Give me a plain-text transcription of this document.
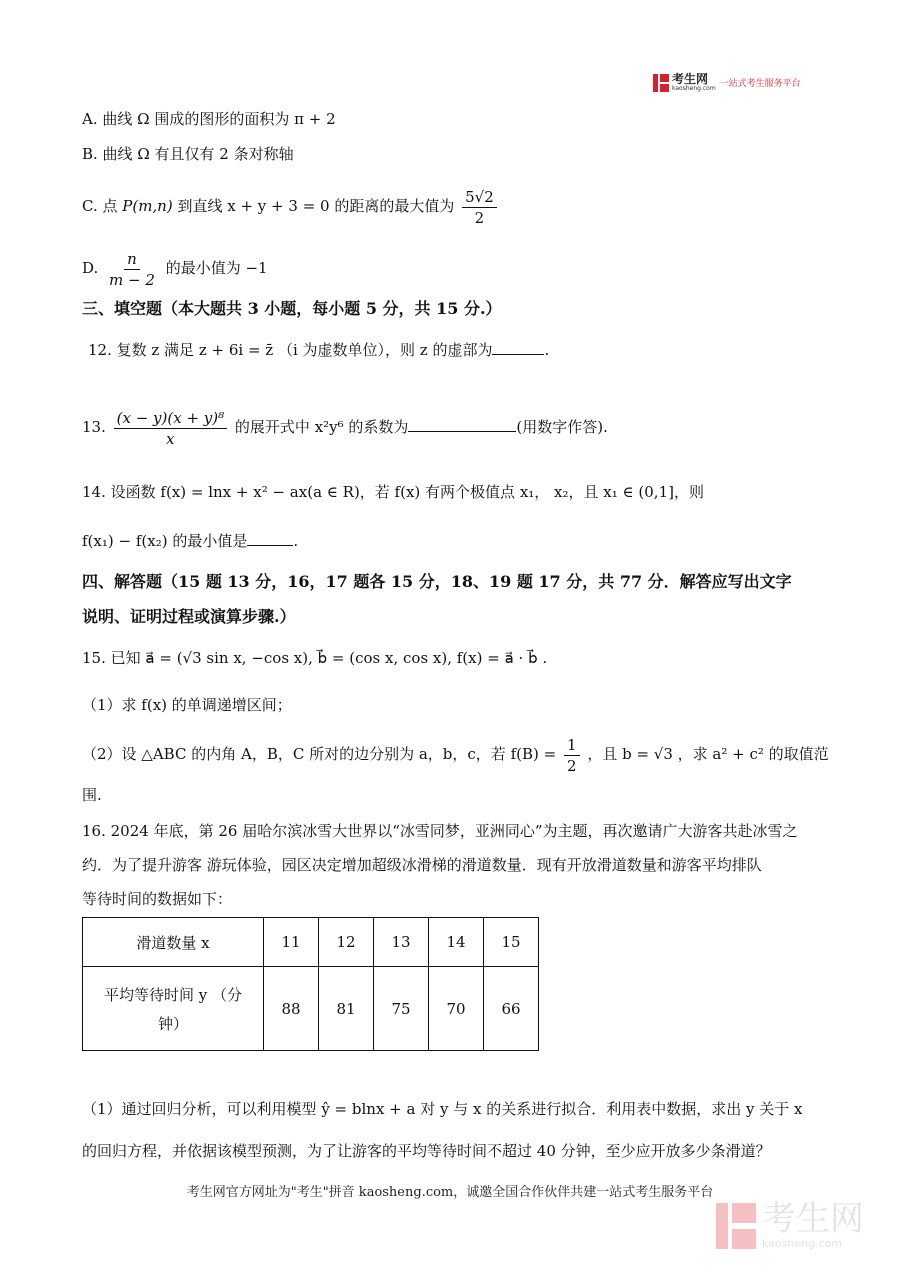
考生网
kaosheng.com 一站式考生服务平台
A. 曲线 Ω 围成的图形的面积为 π + 2
B. 曲线 Ω 有且仅有 2 条对称轴
C. 点 P(m,n) 到直线 x + y + 3 = 0 的距离的最大值为 $\frac{5√2}{2}$
D. $\frac{n}{m - 2}$ 的最小值为 −1
三、填空题（本大题共 3 小题，每小题 5 分，共 15 分.）
12. 复数 z 满足 z + 6i = z̄ （i 为虚数单位），则 z 的虚部为	.
13. $\frac{\text{(x − y)(x + y)⁸}}{x}$ 的展开式中 x²y⁶ 的系数为	(用数字作答).
14. 设函数 f(x) = lnx + x² − ax(a ∈ R)，若 f(x) 有两个极值点 x₁， x₂，且 x₁ ∈ (0,1]，则
f(x₁) − f(x₂) 的最小值是	.
四、解答题（15 题 13 分，16，17 题各 15 分，18、19 题 17 分，共 77 分．解答应写出文字
说明、证明过程或演算步骤.）
15. 已知 a⃗ = (√3 sin x, −cos x), b⃗ = (cos x, cos x), f(x) = a⃗ · b⃗ .
（1）求 f(x) 的单调递增区间；
（2）设 △ABC 的内角 A，B，C 所对的边分别为 a，b，c，若 $f(B) = \frac{1}{2}$ ，且 b = √3 ，求 a² + c² 的取值范
围.
16. 2024 年底，第 26 届哈尔滨冰雪大世界以“冰雪同梦，亚洲同心”为主题，再次邀请广大游客共赴冰雪之
约．为了提升游客 游玩体验，园区决定增加超级冰滑梯的滑道数量．现有开放滑道数量和游客平均排队
等待时间的数据如下：
滑道数量 x	11	12	13	14	15

平均等待时间 y （分
钟）	88	81	75	70	66
（1）通过回归分析，可以利用模型 ŷ = blnx + a 对 y 与 x 的关系进行拟合．利用表中数据，求出 y 关于 x
的回归方程，并依据该模型预测，为了让游客的平均等待时间不超过 40 分钟，至少应开放多少条滑道？
考生网官方网址为"考生"拼音 kaosheng.com，诚邀全国合作伙伴共建一站式考生服务平台
考生网
kaosheng.com
